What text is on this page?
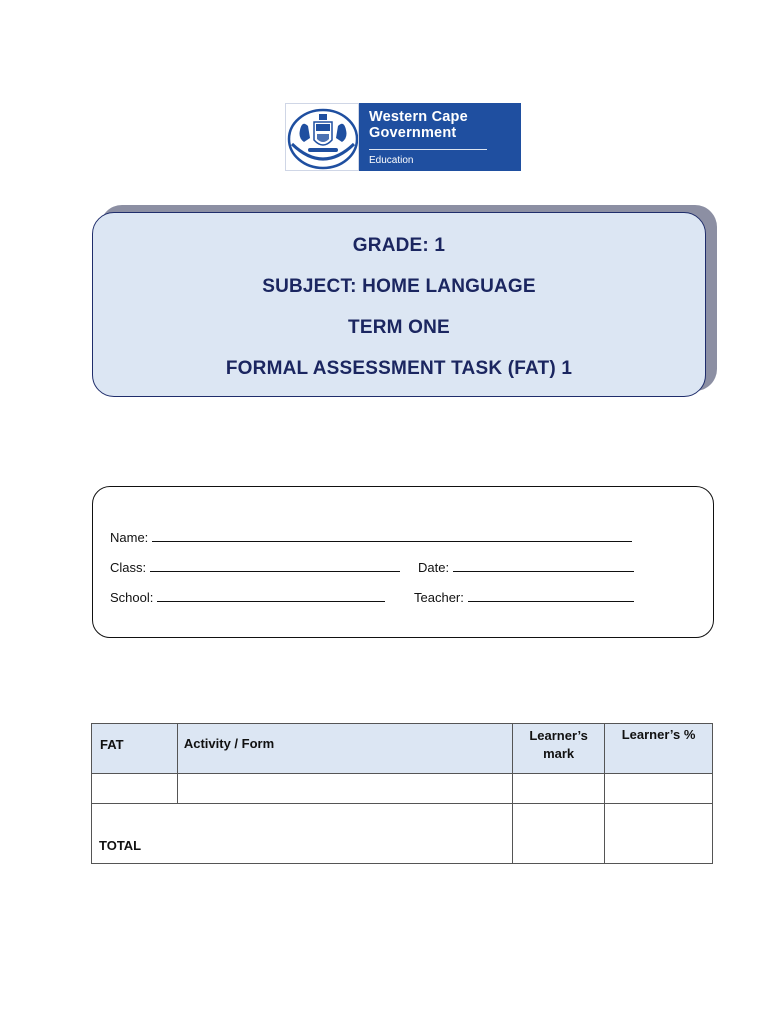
Western Cape
Government
Education
GRADE: 1
SUBJECT: HOME LANGUAGE
TERM ONE
FORMAL ASSESSMENT TASK (FAT) 1
Name:
Class:	Date:
School:	Teacher:
FAT	Activity / Form	Learner’s mark	Learner’s %

TOTAL			
